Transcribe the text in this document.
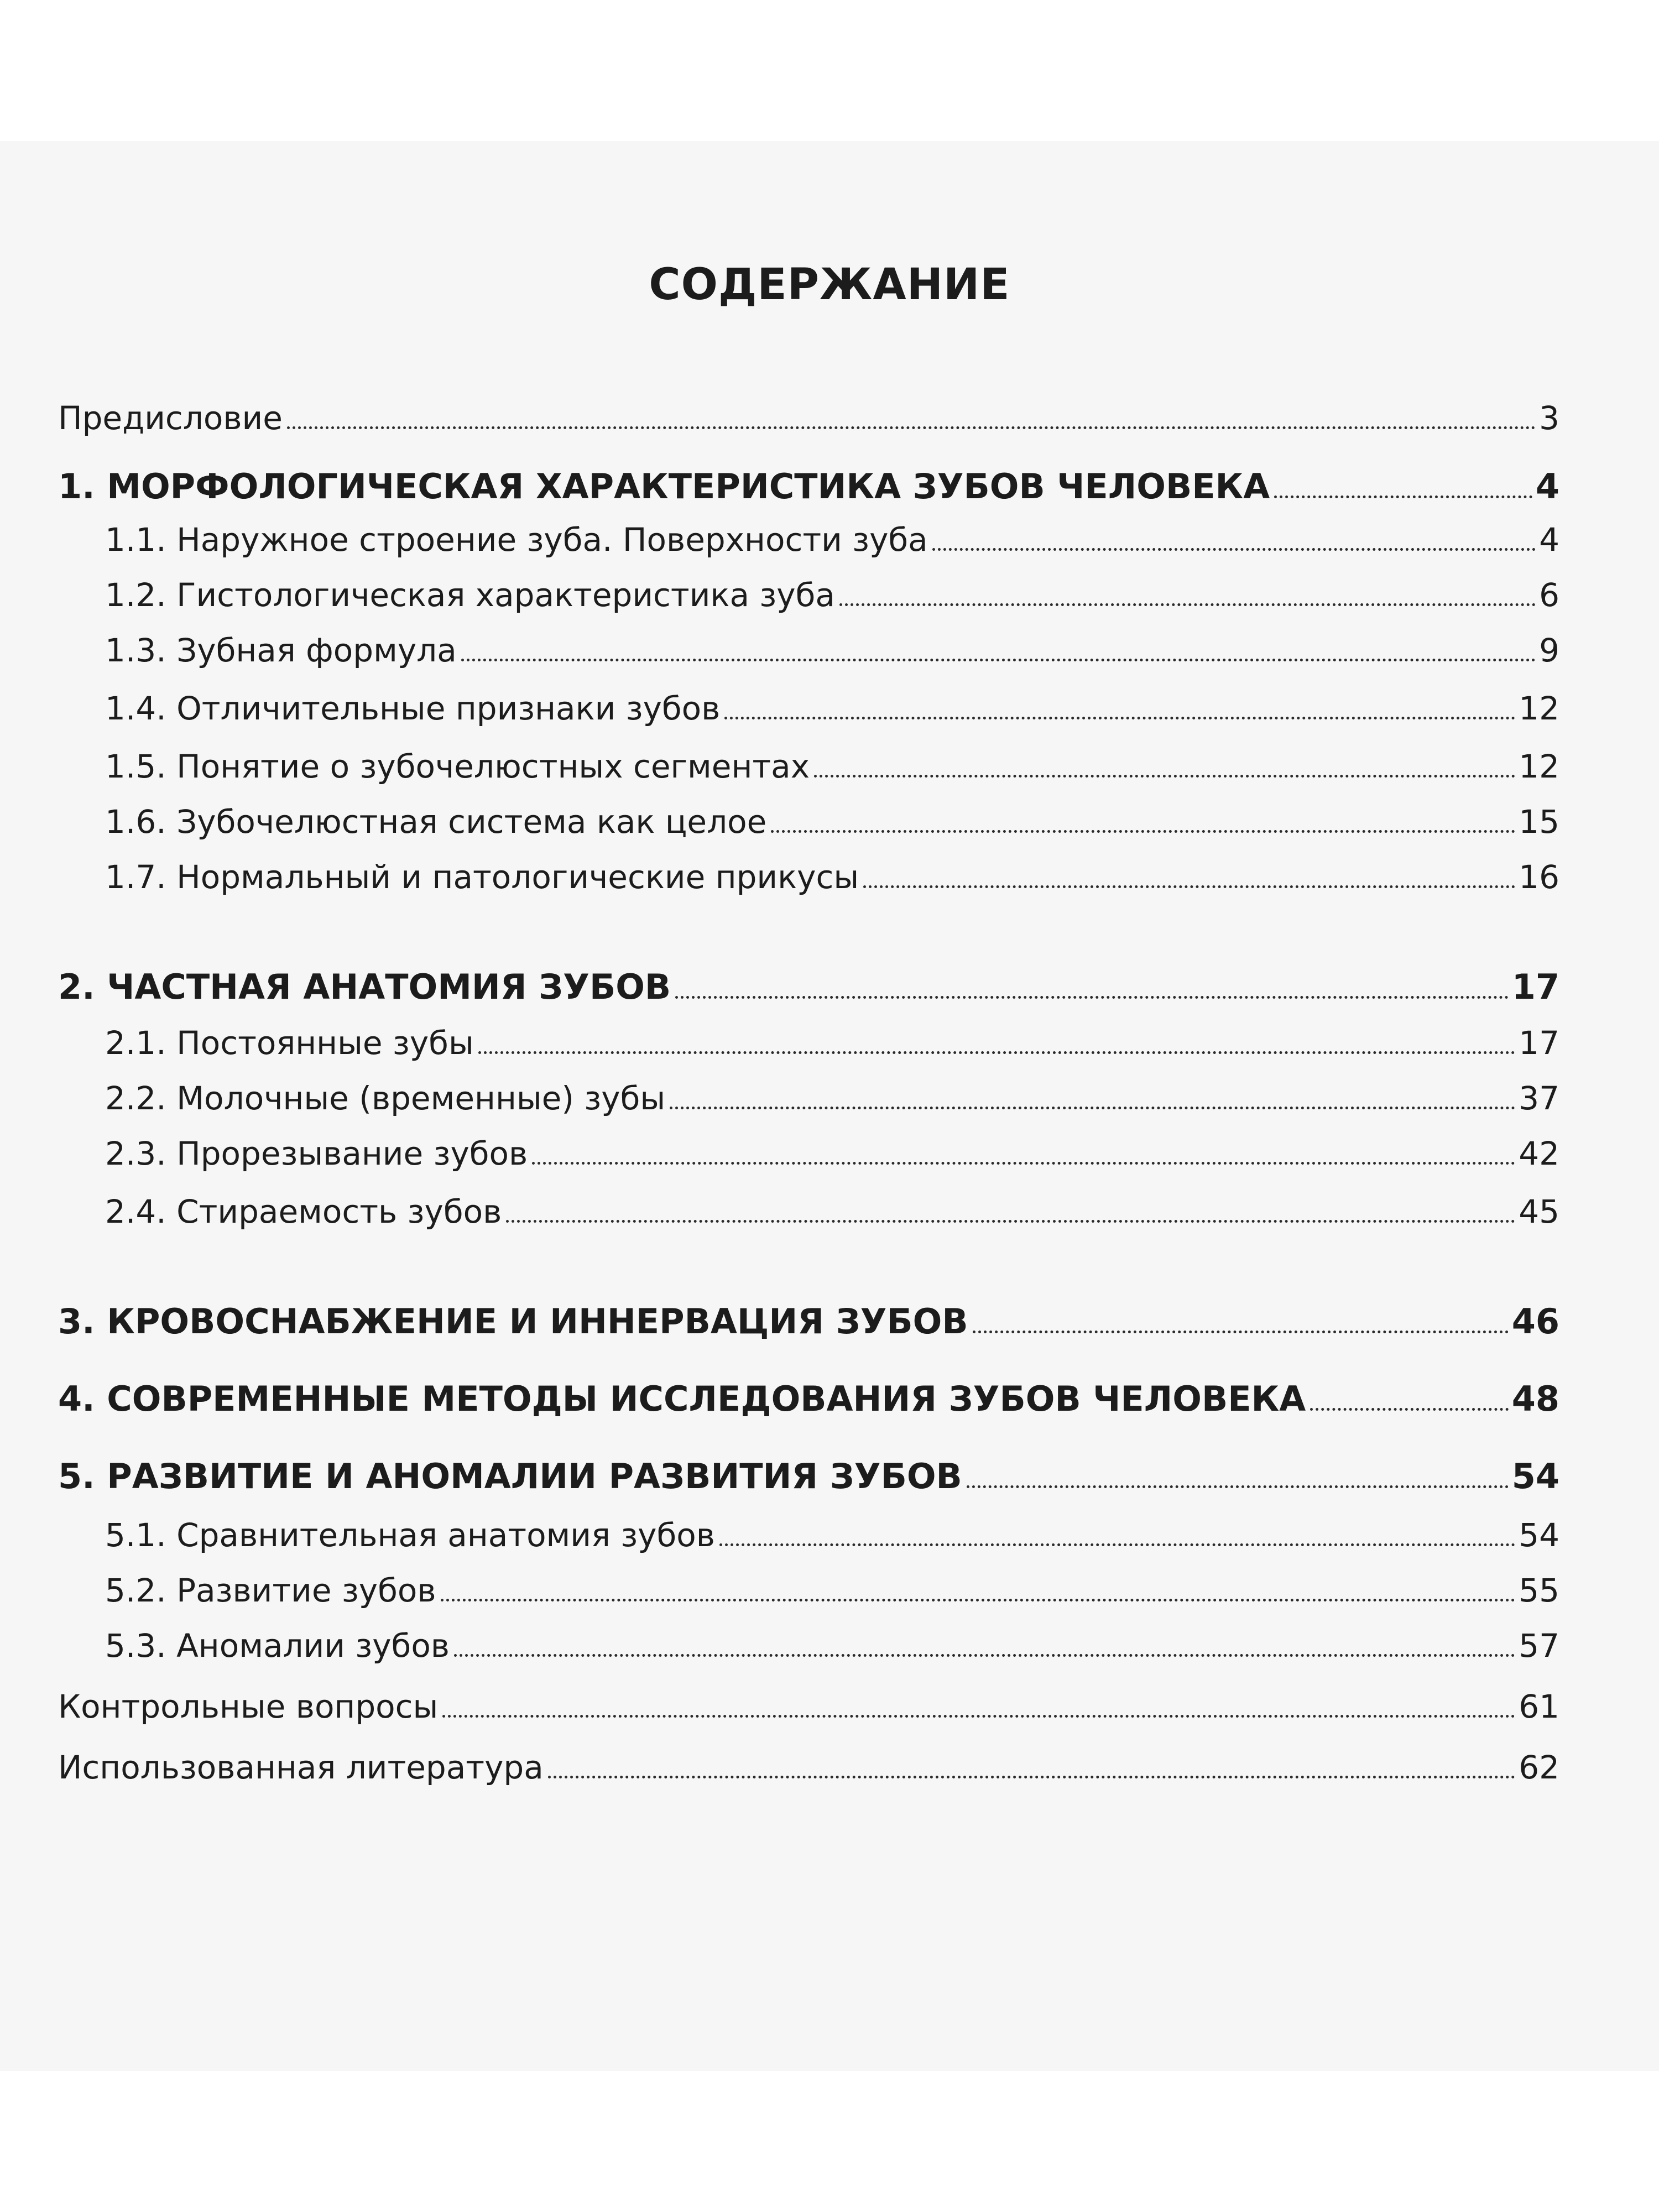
СОДЕРЖАНИЕ
Предисловие	3
1. МОРФОЛОГИЧЕСКАЯ ХАРАКТЕРИСТИКА ЗУБОВ ЧЕЛОВЕКА	4
1.1. Наружное строение зуба. Поверхности зуба	4
1.2. Гистологическая характеристика зуба	6
1.3. Зубная формула	9
1.4. Отличительные признаки зубов	12
1.5. Понятие о зубочелюстных сегментах	12
1.6. Зубочелюстная система как целое	15
1.7. Нормальный и патологические прикусы	16
2. ЧАСТНАЯ АНАТОМИЯ ЗУБОВ	17
2.1. Постоянные зубы	17
2.2. Молочные (временные) зубы	37
2.3. Прорезывание зубов	42
2.4. Стираемость зубов	45
3. КРОВОСНАБЖЕНИЕ И ИННЕРВАЦИЯ ЗУБОВ	46
4. СОВРЕМЕННЫЕ МЕТОДЫ ИССЛЕДОВАНИЯ ЗУБОВ ЧЕЛОВЕКА	48
5. РАЗВИТИЕ И АНОМАЛИИ РАЗВИТИЯ ЗУБОВ	54
5.1. Сравнительная анатомия зубов	54
5.2. Развитие зубов	55
5.3. Аномалии зубов	57
Контрольные вопросы	61
Использованная литература	62
